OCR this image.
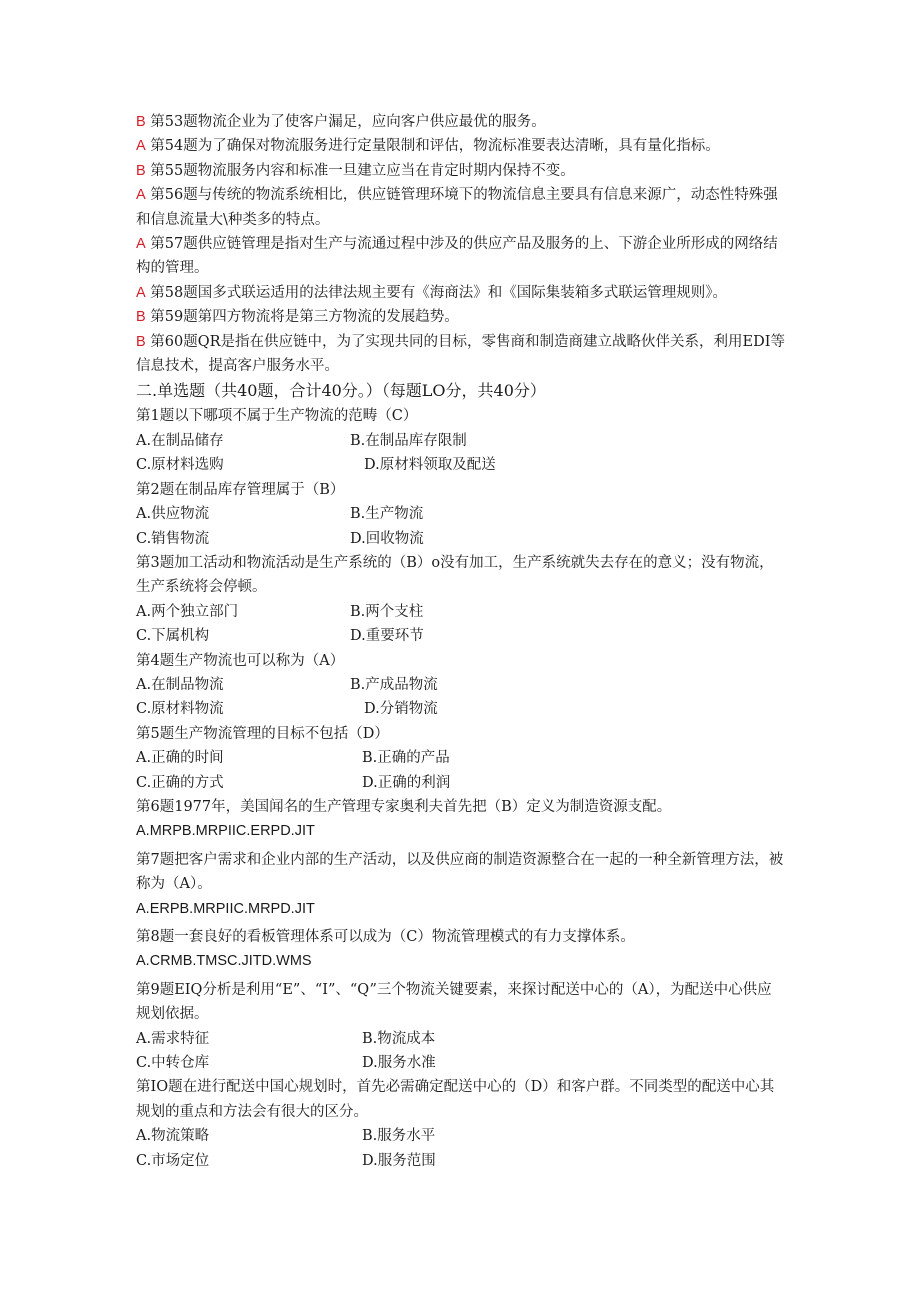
B 第53题物流企业为了使客户漏足，应向客户供应最优的服务。
A 第54题为了确保对物流服务进行定量限制和评估，物流标准要表达清晰，具有量化指标。
B 第55题物流服务内容和标准一旦建立应当在肯定时期内保持不变。
A 第56题与传统的物流系统相比，供应链管理环境下的物流信息主要具有信息来源广，动态性特殊强和信息流量大\种类多的特点。
A 第57题供应链管理是指对生产与流通过程中涉及的供应产品及服务的上、下游企业所形成的网络结构的管理。
A 第58题国多式联运适用的法律法规主要有《海商法》和《国际集装箱多式联运管理规则》。
B 第59题第四方物流将是第三方物流的发展趋势。
B 第60题QR是指在供应链中，为了实现共同的目标，零售商和制造商建立战略伙伴关系，利用EDI等信息技术，提高客户服务水平。
二.单选题（共40题，合计40分。）（每题LO分，共40分）
第1题以下哪项不属于生产物流的范畴（C）
A.在制品储存	B.在制品库存限制
C.原材料选购	D.原材料领取及配送
第2题在制品库存管理属于（B）
A.供应物流	B.生产物流
C.销售物流	D.回收物流
第3题加工活动和物流活动是生产系统的（B）o没有加工，生产系统就失去存在的意义；没有物流，生产系统将会停顿。
A.两个独立部门	B.两个支柱
C.下属机构	D.重要环节
第4题生产物流也可以称为（A）
A.在制品物流	B.产成品物流
C.原材料物流	D.分销物流
第5题生产物流管理的目标不包括（D）
A.正确的时间	B.正确的产品
C.正确的方式	D.正确的利润
第6题1977年，美国闻名的生产管理专家奥利夫首先把（B）定义为制造资源支配。
A.MRPB.MRPIIC.ERPD.JIT
第7题把客户需求和企业内部的生产活动，以及供应商的制造资源整合在一起的一种全新管理方法，被称为（A）。
A.ERPB.MRPIIC.MRPD.JIT
第8题一套良好的看板管理体系可以成为（C）物流管理模式的有力支撑体系。
A.CRMB.TMSC.JITD.WMS
第9题EIQ分析是利用“E”、“I”、“Q”三个物流关键要素，来探讨配送中心的（A），为配送中心供应规划依据。
A.需求特征	B.物流成本
C.中转仓库	D.服务水准
第IO题在进行配送中国心规划时，首先必需确定配送中心的（D）和客户群。不同类型的配送中心其规划的重点和方法会有很大的区分。
A.物流策略	B.服务水平
C.市场定位	D.服务范围
